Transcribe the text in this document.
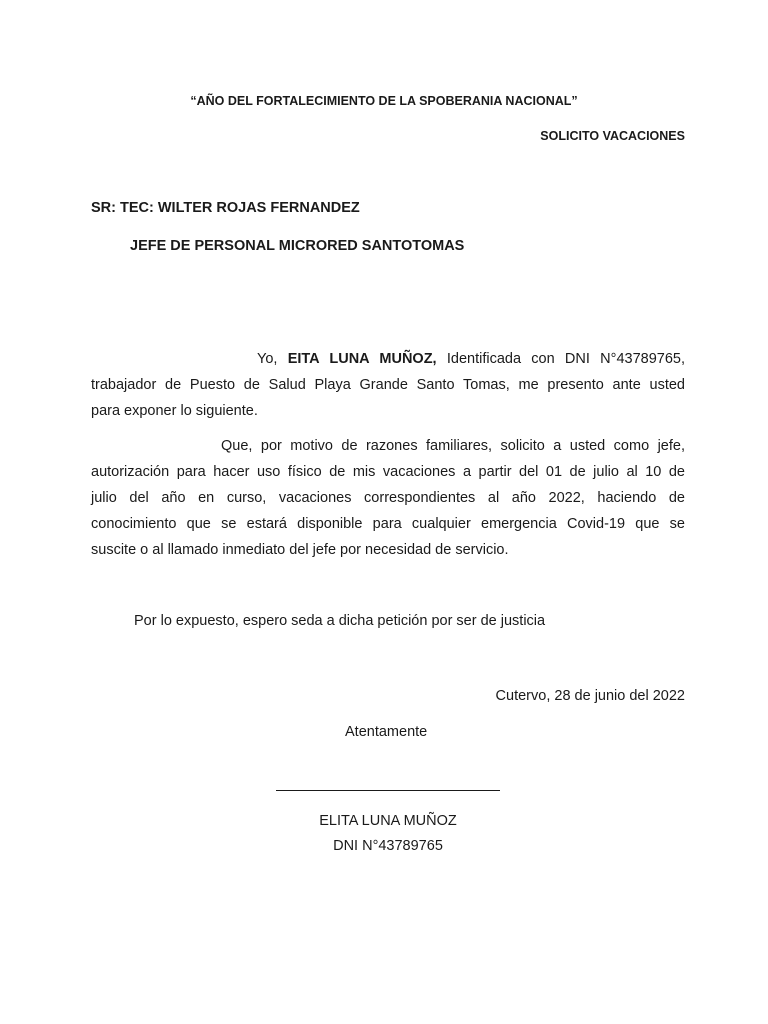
“AÑO DEL FORTALECIMIENTO DE LA SPOBERANIA NACIONAL”
SOLICITO VACACIONES
SR: TEC: WILTER ROJAS FERNANDEZ
JEFE DE PERSONAL MICRORED SANTOTOMAS
Yo, EITA LUNA MUÑOZ, Identificada con DNI N°43789765,
trabajador de Puesto de Salud Playa Grande Santo Tomas, me presento ante usted
para exponer lo siguiente.
Que, por motivo de razones familiares, solicito a usted como jefe,
autorización para hacer uso físico de mis vacaciones a partir del 01 de julio al 10 de
julio del año en curso, vacaciones correspondientes al año 2022, haciendo de
conocimiento que se estará disponible para cualquier emergencia Covid-19 que se
suscite o al llamado inmediato del jefe por necesidad de servicio.
Por lo expuesto, espero seda a dicha petición por ser de justicia
Cutervo, 28 de junio del 2022
Atentamente
ELITA LUNA MUÑOZ
DNI N°43789765
